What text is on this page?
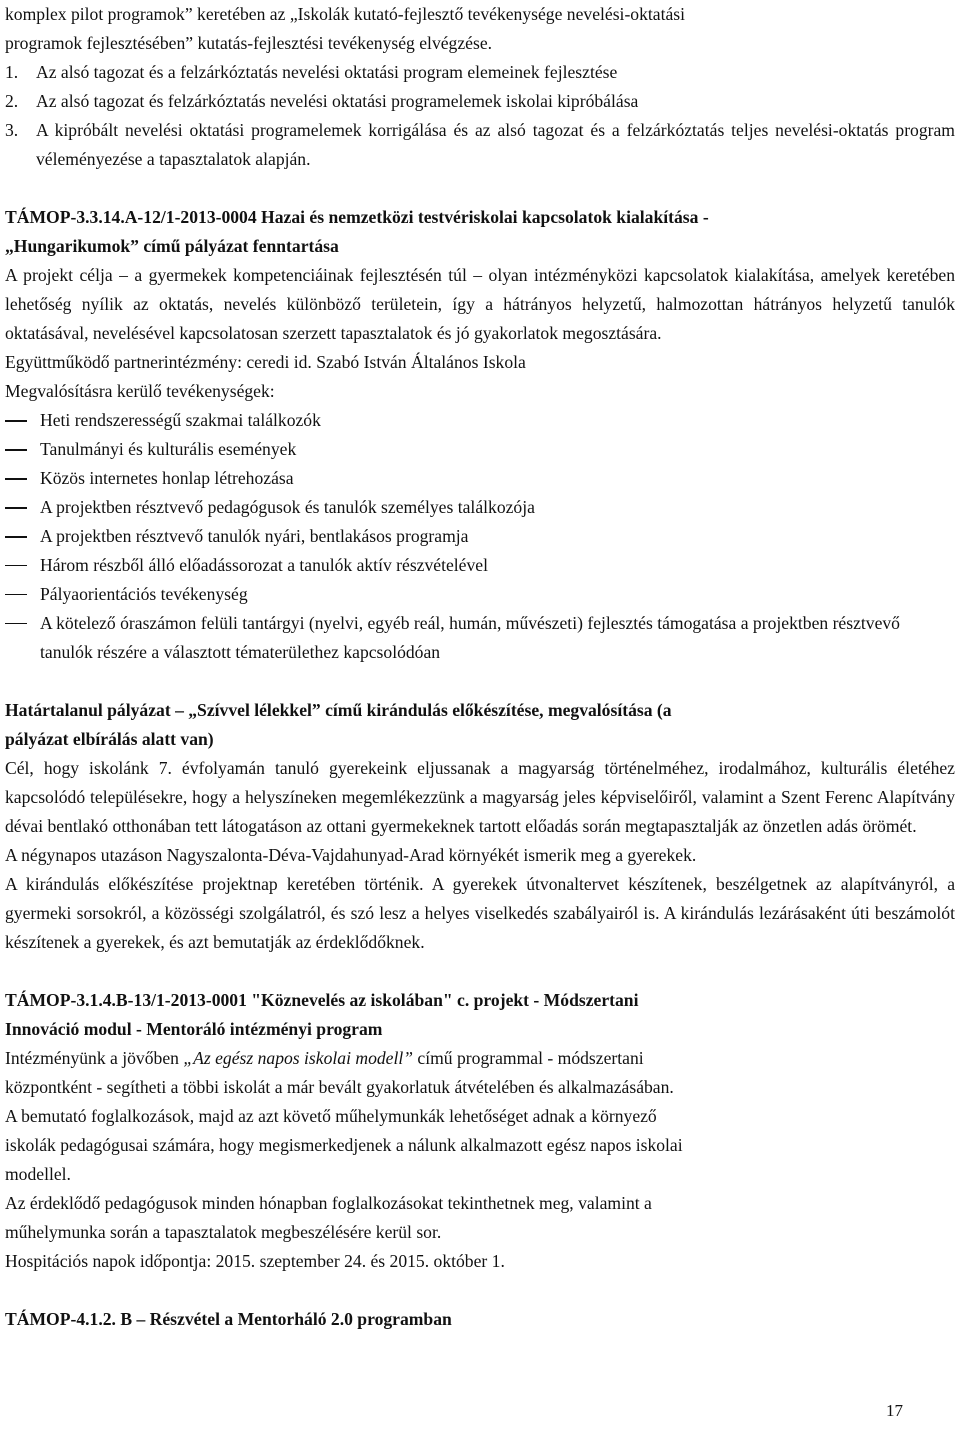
komplex pilot programok” keretében az „Iskolák kutató-fejlesztő tevékenysége nevelési-oktatási

programok fejlesztésében” kutatás-fejlesztési tevékenység elvégzése.

1.	Az alsó tagozat és a felzárkóztatás nevelési oktatási program elemeinek fejlesztése
2.	Az alsó tagozat és felzárkóztatás nevelési oktatási programelemek iskolai kipróbálása
3.	A kipróbált nevelési oktatási programelemek korrigálása és az alsó tagozat és a felzárkóztatás teljes nevelési-oktatás program véleményezése a tapasztalatok alapján.

TÁMOP-3.3.14.A-12/1-2013-0004 Hazai és nemzetközi testvériskolai kapcsolatok kialakítása -

„Hungarikumok” című pályázat fenntartása

A projekt célja – a gyermekek kompetenciáinak fejlesztésén túl – olyan intézményközi kapcsolatok kialakítása, amelyek keretében lehetőség nyílik az oktatás, nevelés különböző területein, így a hátrányos helyzetű, halmozottan hátrányos helyzetű tanulók oktatásával, nevelésével kapcsolatosan szerzett tapasztalatok és jó gyakorlatok megosztására.

Együttműködő partnerintézmény: ceredi id. Szabó István Általános Iskola

Megvalósításra kerülő tevékenységek:

Heti rendszerességű szakmai találkozók
Tanulmányi és kulturális események
Közös internetes honlap létrehozása
A projektben résztvevő pedagógusok és tanulók személyes találkozója
A projektben résztvevő tanulók nyári, bentlakásos programja
Három részből álló előadássorozat a tanulók aktív részvételével
Pályaorientációs tevékenység
A kötelező óraszámon felüli tantárgyi (nyelvi, egyéb reál, humán, művészeti) fejlesztés támogatása a projektben résztvevő tanulók részére a választott tématerülethez kapcsolódóan

Határtalanul pályázat – „Szívvel lélekkel” című kirándulás előkészítése, megvalósítása (a

pályázat elbírálás alatt van)

Cél, hogy iskolánk 7. évfolyamán tanuló gyerekeink eljussanak a magyarság történelméhez, irodalmához, kulturális életéhez kapcsolódó településekre, hogy a helyszíneken megemlékezzünk a magyarság jeles képviselőiről, valamint a Szent Ferenc Alapítvány dévai bentlakó otthonában tett látogatáson az ottani gyermekeknek tartott előadás során megtapasztalják az önzetlen adás örömét.

A négynapos utazáson Nagyszalonta-Déva-Vajdahunyad-Arad környékét ismerik meg a gyerekek.

A kirándulás előkészítése projektnap keretében történik. A gyerekek útvonaltervet készítenek, beszélgetnek az alapítványról, a gyermeki sorsokról, a közösségi szolgálatról, és szó lesz a helyes viselkedés szabályairól is. A kirándulás lezárásaként úti beszámolót készítenek a gyerekek, és azt bemutatják az érdeklődőknek.

TÁMOP-3.1.4.B-13/1-2013-0001 "Köznevelés az iskolában" c. projekt - Módszertani

Innováció modul - Mentoráló intézményi program

Intézményünk a jövőben „Az egész napos iskolai modell” című programmal - módszertani

központként - segítheti a többi iskolát a már bevált gyakorlatuk átvételében és alkalmazásában.

A bemutató foglalkozások, majd az azt követő műhelymunkák lehetőséget adnak a környező

iskolák pedagógusai számára, hogy megismerkedjenek a nálunk alkalmazott egész napos iskolai

modellel.

Az érdeklődő pedagógusok minden hónapban foglalkozásokat tekinthetnek meg, valamint a

műhelymunka során a tapasztalatok megbeszélésére kerül sor.

Hospitációs napok időpontja: 2015. szeptember 24. és 2015. október 1.

TÁMOP-4.1.2. B – Részvétel a Mentorháló 2.0 programban

17
